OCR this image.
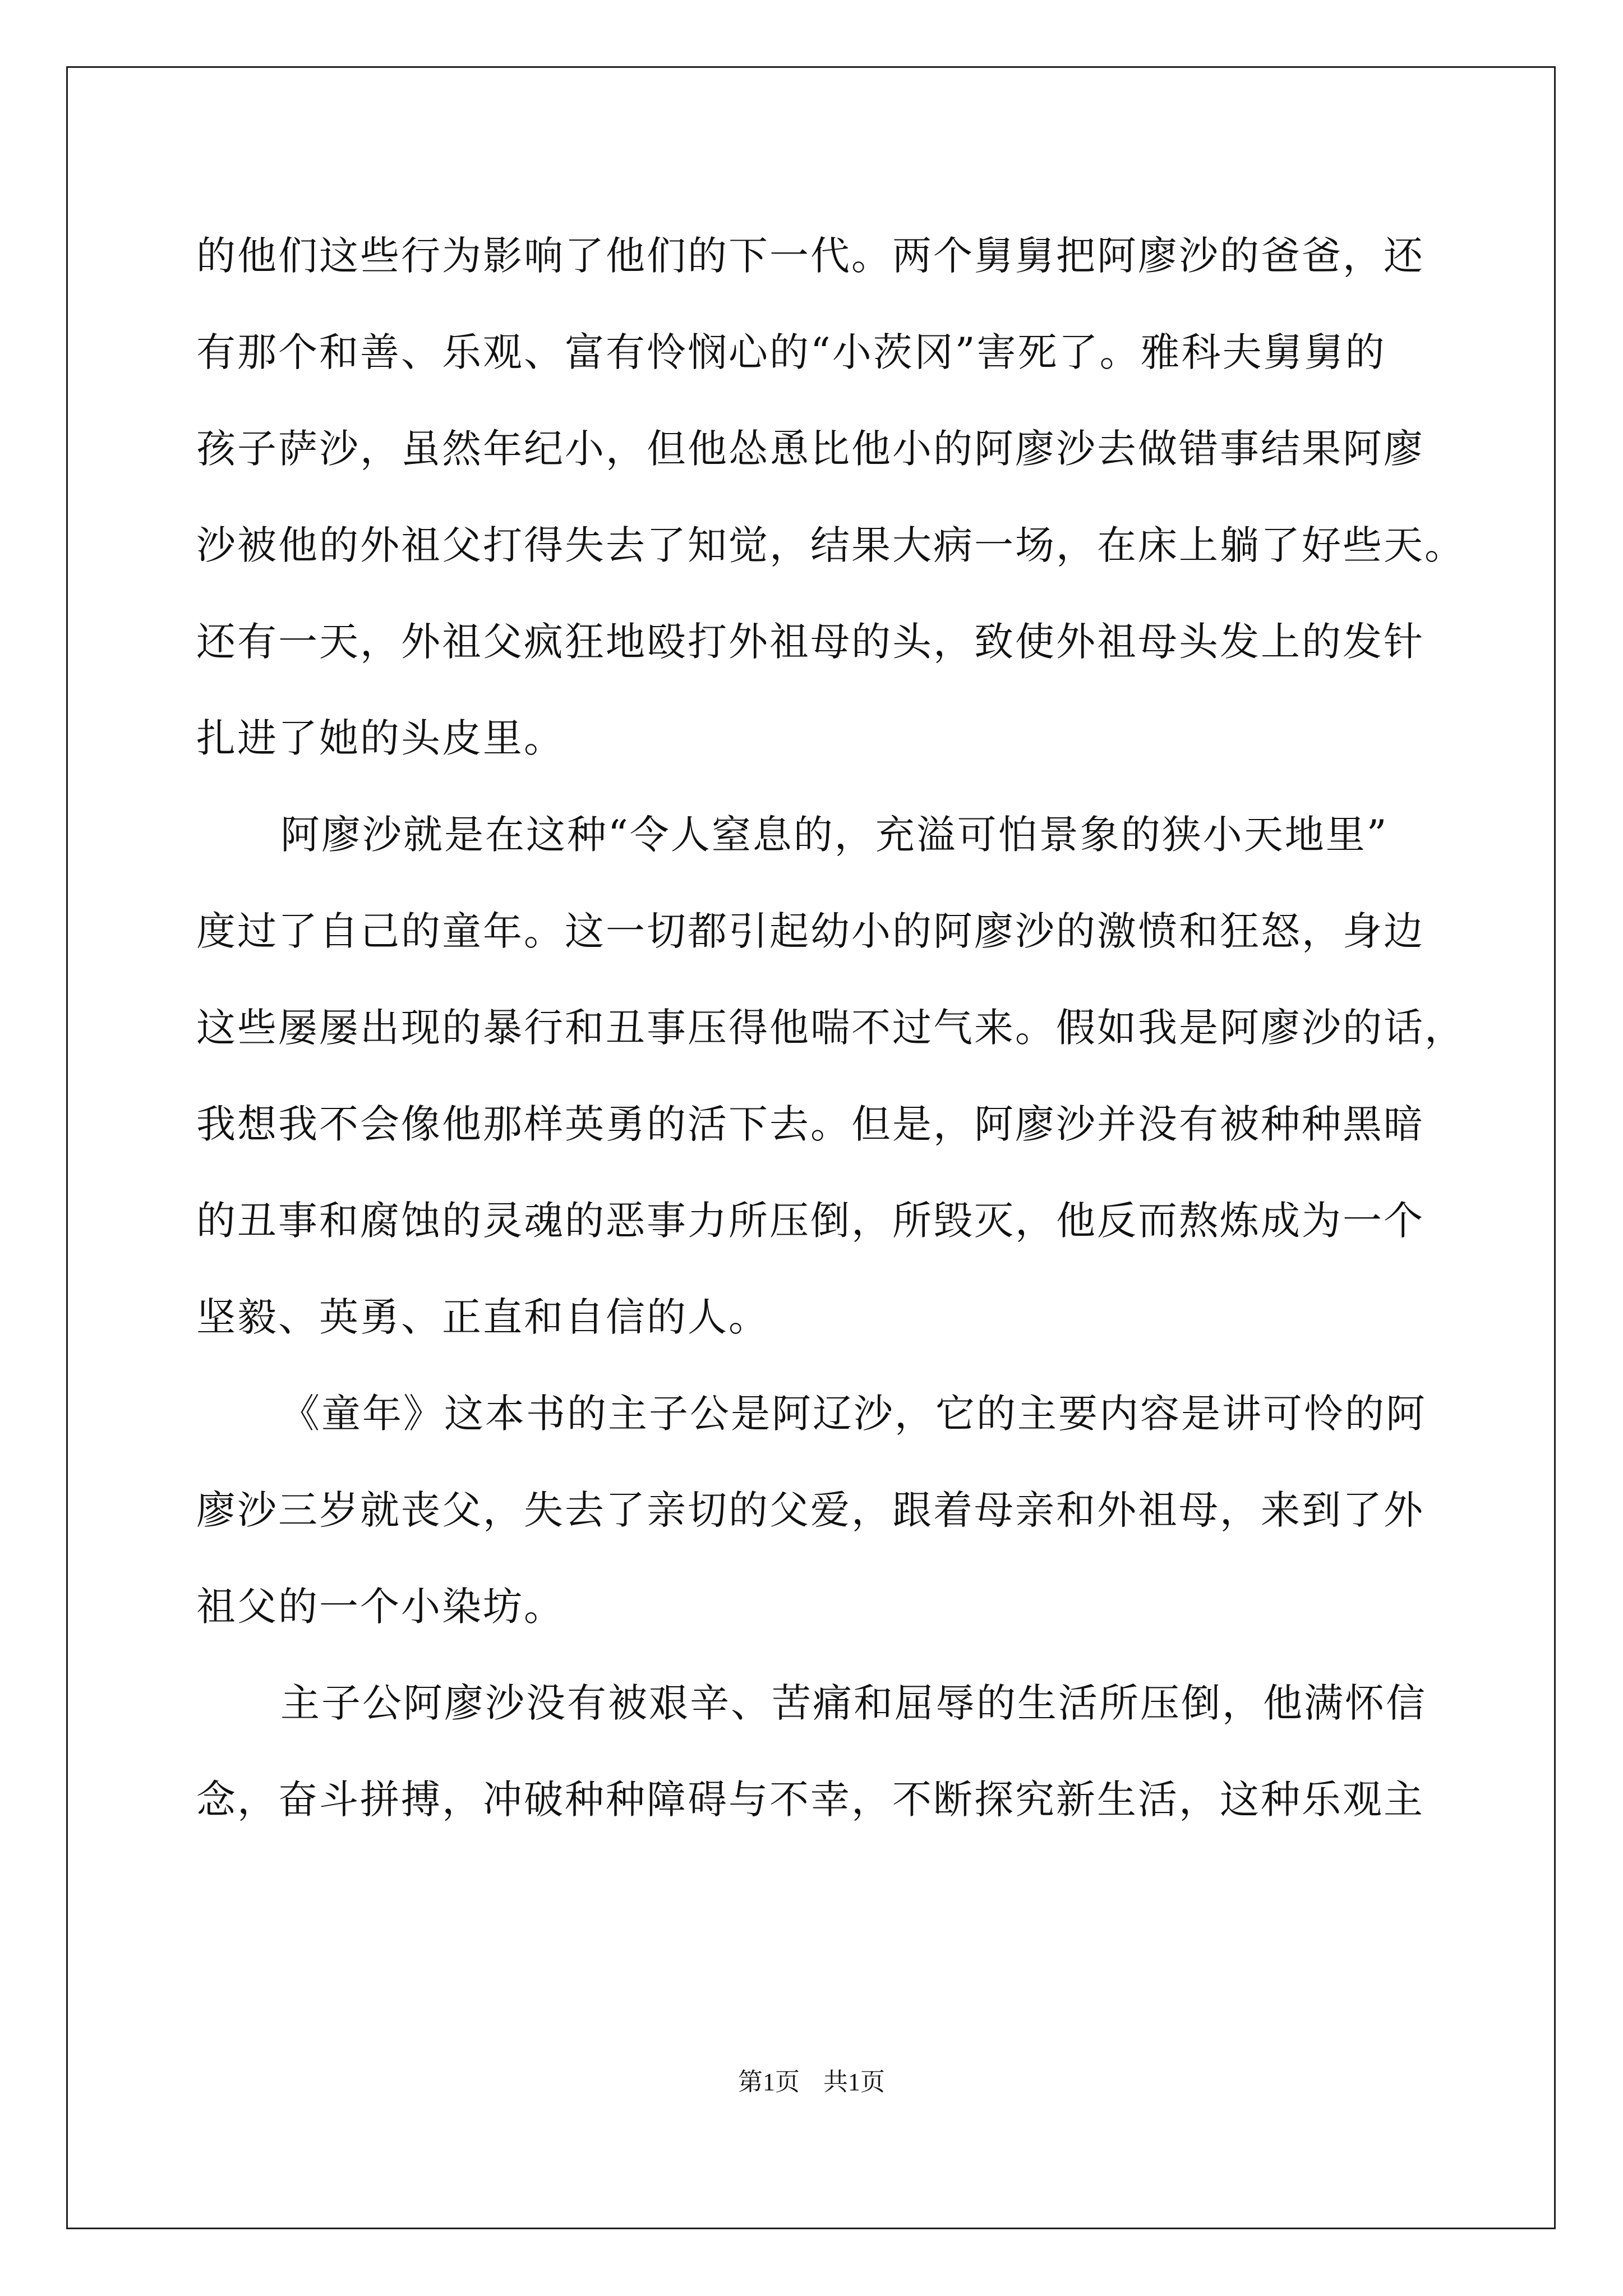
的他们这些行为影响了他们的下一代。两个舅舅把阿廖沙的爸爸，还
有那个和善、乐观、富有怜悯心的“小茨冈”害死了。雅科夫舅舅的
孩子萨沙，虽然年纪小，但他怂恿比他小的阿廖沙去做错事结果阿廖
沙被他的外祖父打得失去了知觉，结果大病一场，在床上躺了好些天。
还有一天，外祖父疯狂地殴打外祖母的头，致使外祖母头发上的发针
扎进了她的头皮里。
阿廖沙就是在这种“令人窒息的，充溢可怕景象的狭小天地里”
度过了自己的童年。这一切都引起幼小的阿廖沙的激愤和狂怒，身边
这些屡屡出现的暴行和丑事压得他喘不过气来。假如我是阿廖沙的话，
我想我不会像他那样英勇的活下去。但是，阿廖沙并没有被种种黑暗
的丑事和腐蚀的灵魂的恶事力所压倒，所毁灭，他反而熬炼成为一个
坚毅、英勇、正直和自信的人。
《童年》这本书的主子公是阿辽沙，它的主要内容是讲可怜的阿
廖沙三岁就丧父，失去了亲切的父爱，跟着母亲和外祖母，来到了外
祖父的一个小染坊。
主子公阿廖沙没有被艰辛、苦痛和屈辱的生活所压倒，他满怀信
念，奋斗拼搏，冲破种种障碍与不幸，不断探究新生活，这种乐观主
第1页 共1页
